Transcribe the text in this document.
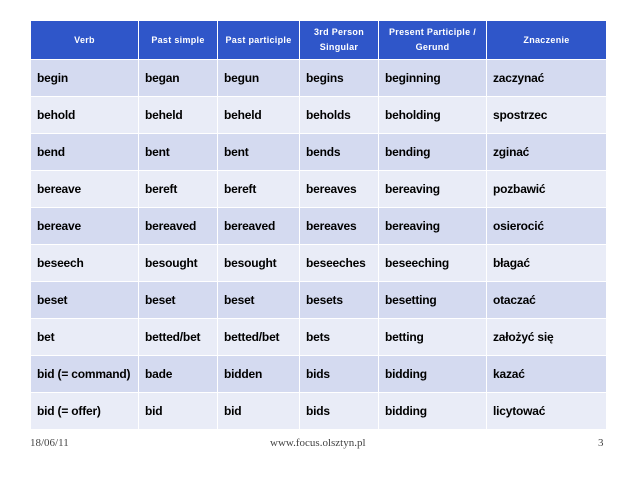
Verb	Past simple	Past participle	3rd Person Singular	Present Participle / Gerund	Znaczenie
begin	began	begun	begins	beginning	zaczynać
behold	beheld	beheld	beholds	beholding	spostrzec
bend	bent	bent	bends	bending	zginać
bereave	bereft	bereft	bereaves	bereaving	pozbawić
bereave	bereaved	bereaved	bereaves	bereaving	osierocić
beseech	besought	besought	beseeches	beseeching	błagać
beset	beset	beset	besets	besetting	otaczać
bet	betted/bet	betted/bet	bets	betting	założyć się
bid (= command)	bade	bidden	bids	bidding	kazać
bid (= offer)	bid	bid	bids	bidding	licytować
18/06/11	www.focus.olsztyn.pl	3
